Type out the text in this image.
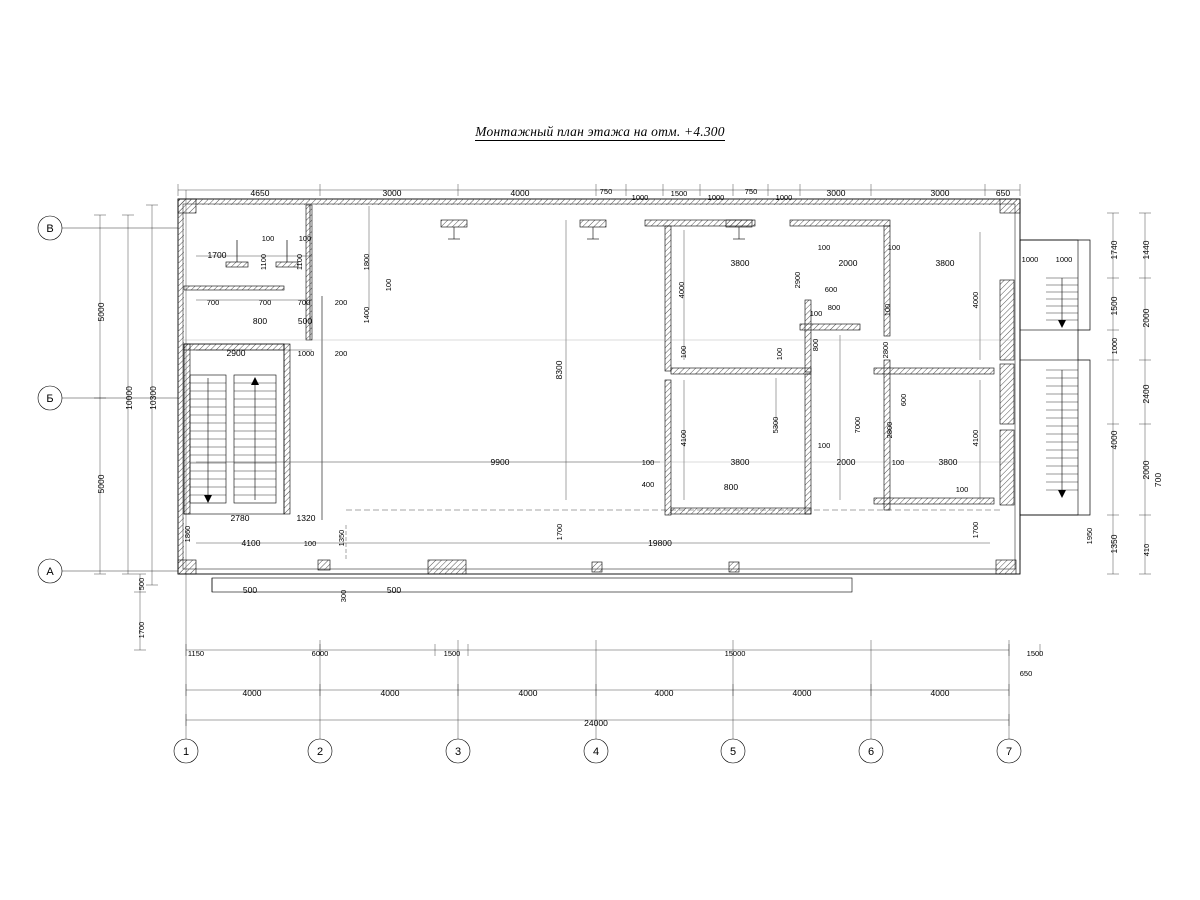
Монтажный план этажа на отм. +4.300
В
Б
А
1	2	3	4	5	6	7
4650	3000	4000	750
1000	1500	1000
750
1000	3000	3000	650
5000
5000
10000 10300
500
1700
1740
1500
1000
4000
1350
1440
2000
2400
2000
700
410
1150	6000	1500	15000	1500
650
4000	4000	4000	4000	4000	4000
24000
1700
100	100
1100	1100	1800
100
700	700	700	200
1400
800	500
200
2900	1000
8300
9900
19800
3800
2900
2000	3800
600
800
100	100
100	100
4000
4000
4100
5300	7000
4100
2800
600
800	2800
100	3800	2000	3800
100
400	800
100
100
100
100
1000 1000
1700
1700	1950
1860
2780	1320
1350
4100	100
500	300	500
